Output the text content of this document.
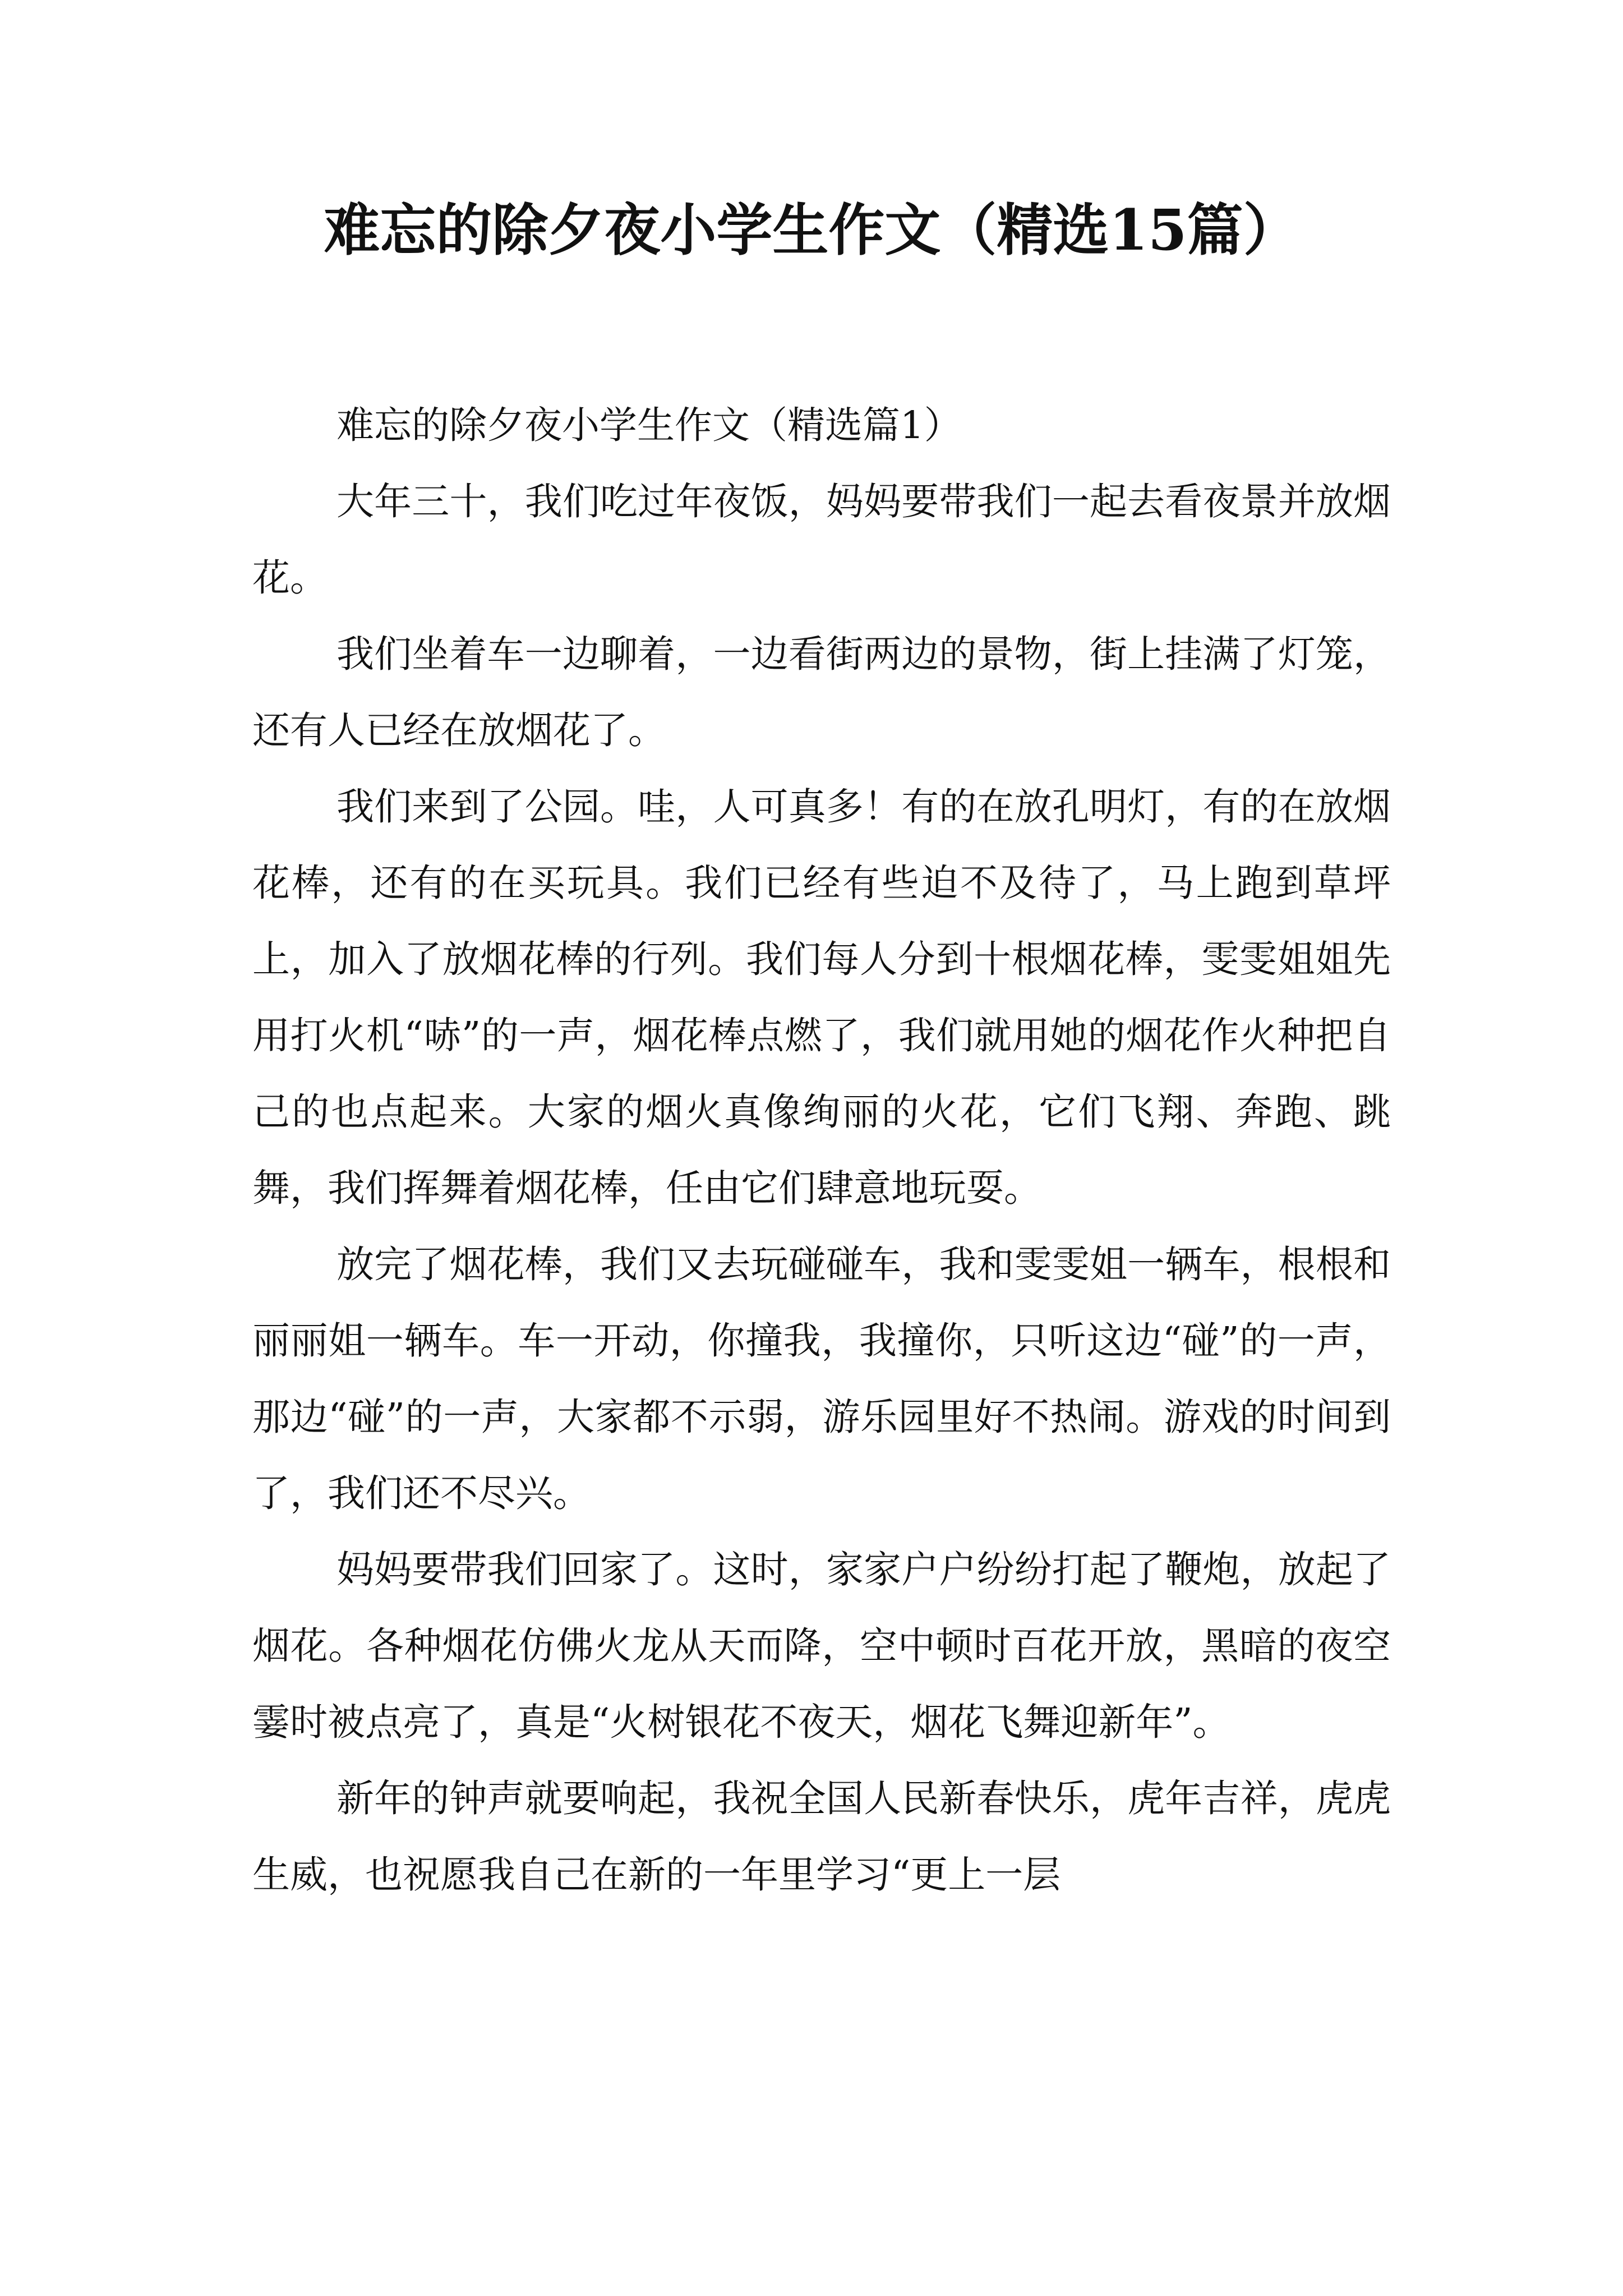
难忘的除夕夜小学生作文（精选15篇）

难忘的除夕夜小学生作文（精选篇1）

大年三十，我们吃过年夜饭，妈妈要带我们一起去看夜景并放烟花。

我们坐着车一边聊着，一边看街两边的景物，街上挂满了灯笼，还有人已经在放烟花了。

我们来到了公园。哇，人可真多！有的在放孔明灯，有的在放烟花棒，还有的在买玩具。我们已经有些迫不及待了，马上跑到草坪上，加入了放烟花棒的行列。我们每人分到十根烟花棒，雯雯姐姐先用打火机“哧”的一声，烟花棒点燃了，我们就用她的烟花作火种把自己的也点起来。大家的烟火真像绚丽的火花，它们飞翔、奔跑、跳舞，我们挥舞着烟花棒，任由它们肆意地玩耍。

放完了烟花棒，我们又去玩碰碰车，我和雯雯姐一辆车，根根和丽丽姐一辆车。车一开动，你撞我，我撞你，只听这边“碰”的一声，那边“碰”的一声，大家都不示弱，游乐园里好不热闹。游戏的时间到了，我们还不尽兴。

妈妈要带我们回家了。这时，家家户户纷纷打起了鞭炮，放起了烟花。各种烟花仿佛火龙从天而降，空中顿时百花开放，黑暗的夜空霎时被点亮了，真是“火树银花不夜天，烟花飞舞迎新年”。

新年的钟声就要响起，我祝全国人民新春快乐，虎年吉祥，虎虎生威，也祝愿我自己在新的一年里学习“更上一层
